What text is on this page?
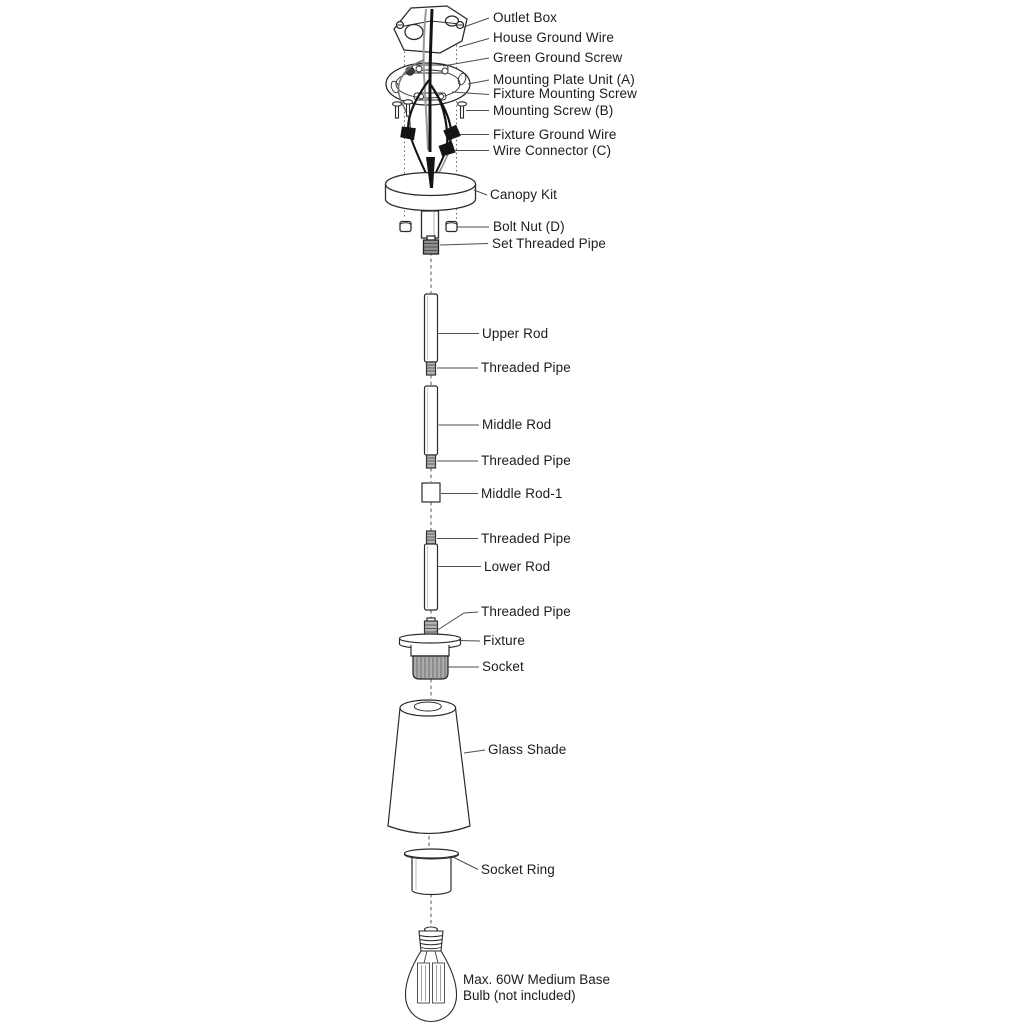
Outlet Box
House Ground Wire
Green Ground Screw
Mounting Plate Unit (A)
Fixture Mounting Screw
Mounting Screw (B)
Fixture Ground Wire
Wire Connector (C)
Canopy Kit
Bolt Nut (D)
Set Threaded Pipe
Upper Rod
Threaded Pipe
Middle Rod
Threaded Pipe
Middle Rod-1
Threaded Pipe
Lower Rod
Threaded Pipe
Fixture
Socket
Glass Shade
Socket Ring
Max. 60W Medium Base
Bulb (not included)
